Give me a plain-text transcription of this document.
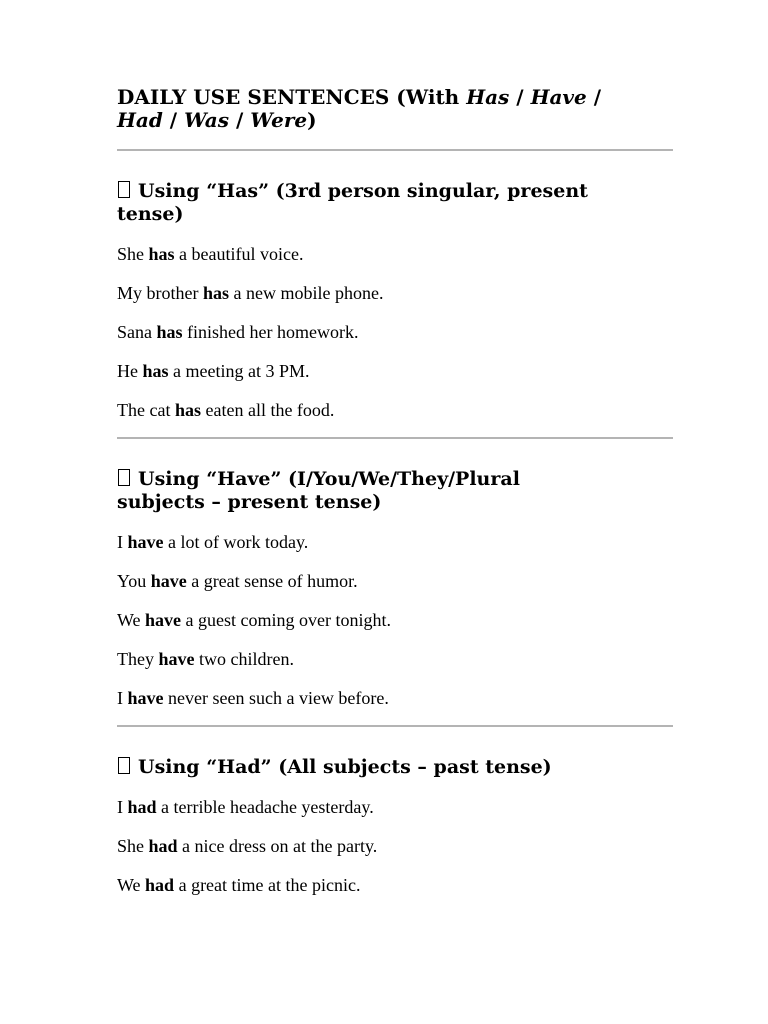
DAILY USE SENTENCES (With Has / Have /
Had / Was / Were)
Using “Has” (3rd person singular, present
tense)

She has a beautiful voice.

My brother has a new mobile phone.

Sana has finished her homework.

He has a meeting at 3 PM.

The cat has eaten all the food.

Using “Have” (I/You/We/They/Plural
subjects – present tense)

I have a lot of work today.

You have a great sense of humor.

We have a guest coming over tonight.

They have two children.

I have never seen such a view before.

Using “Had” (All subjects – past tense)

I had a terrible headache yesterday.

She had a nice dress on at the party.

We had a great time at the picnic.
